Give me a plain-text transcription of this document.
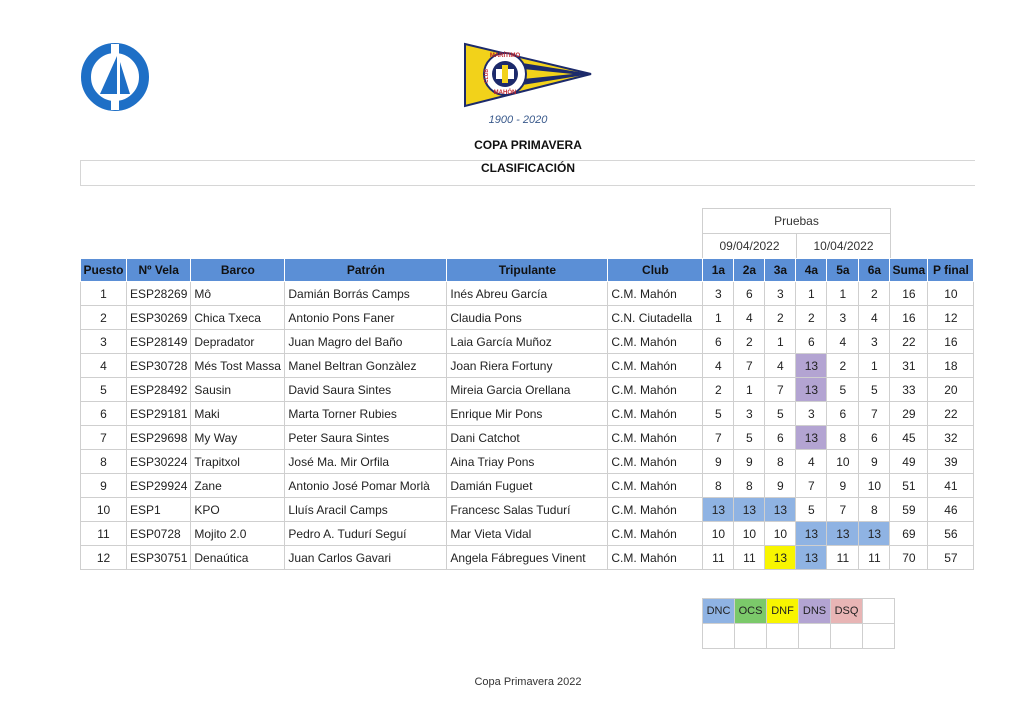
MARÍTIMO
MAHÓN
CLUB
1900 - 2020
COPA PRIMAVERA
CLASIFICACIÓN
Pruebas
09/04/2022	10/04/2022
Puesto	Nº Vela	Barco	Patrón	Tripulante	Club	1a	2a	3a	4a	5a	6a	Suma	P final
1	ESP28269	Mô	Damián Borrás Camps	Inés Abreu García	C.M. Mahón	3	6	3	1	1	2	16	10
2	ESP30269	Chica Txeca	Antonio Pons Faner	Claudia Pons	C.N. Ciutadella	1	4	2	2	3	4	16	12
3	ESP28149	Depradator	Juan Magro del Baño	Laia García Muñoz	C.M. Mahón	6	2	1	6	4	3	22	16
4	ESP30728	Més Tost Massa	Manel Beltran Gonzàlez	Joan Riera Fortuny	C.M. Mahón	4	7	4	13	2	1	31	18
5	ESP28492	Sausin	David Saura Sintes	Mireia Garcia Orellana	C.M. Mahón	2	1	7	13	5	5	33	20
6	ESP29181	Maki	Marta Torner Rubies	Enrique Mir Pons	C.M. Mahón	5	3	5	3	6	7	29	22
7	ESP29698	My Way	Peter Saura Sintes	Dani Catchot	C.M. Mahón	7	5	6	13	8	6	45	32
8	ESP30224	Trapitxol	José Ma. Mir Orfila	Aina Triay Pons	C.M. Mahón	9	9	8	4	10	9	49	39
9	ESP29924	Zane	Antonio José Pomar Morlà	Damián Fuguet	C.M. Mahón	8	8	9	7	9	10	51	41
10	ESP1	KPO	Lluís Aracil Camps	Francesc Salas Tudurí	C.M. Mahón	13	13	13	5	7	8	59	46
11	ESP0728	Mojito 2.0	Pedro A. Tudurí Seguí	Mar Vieta Vidal	C.M. Mahón	10	10	10	13	13	13	69	56
12	ESP30751	Denaútica	Juan Carlos Gavari	Angela Fábregues Vinent	C.M. Mahón	11	11	13	13	11	11	70	57
DNC	OCS	DNF	DNS	DSQ	

Copa Primavera 2022
